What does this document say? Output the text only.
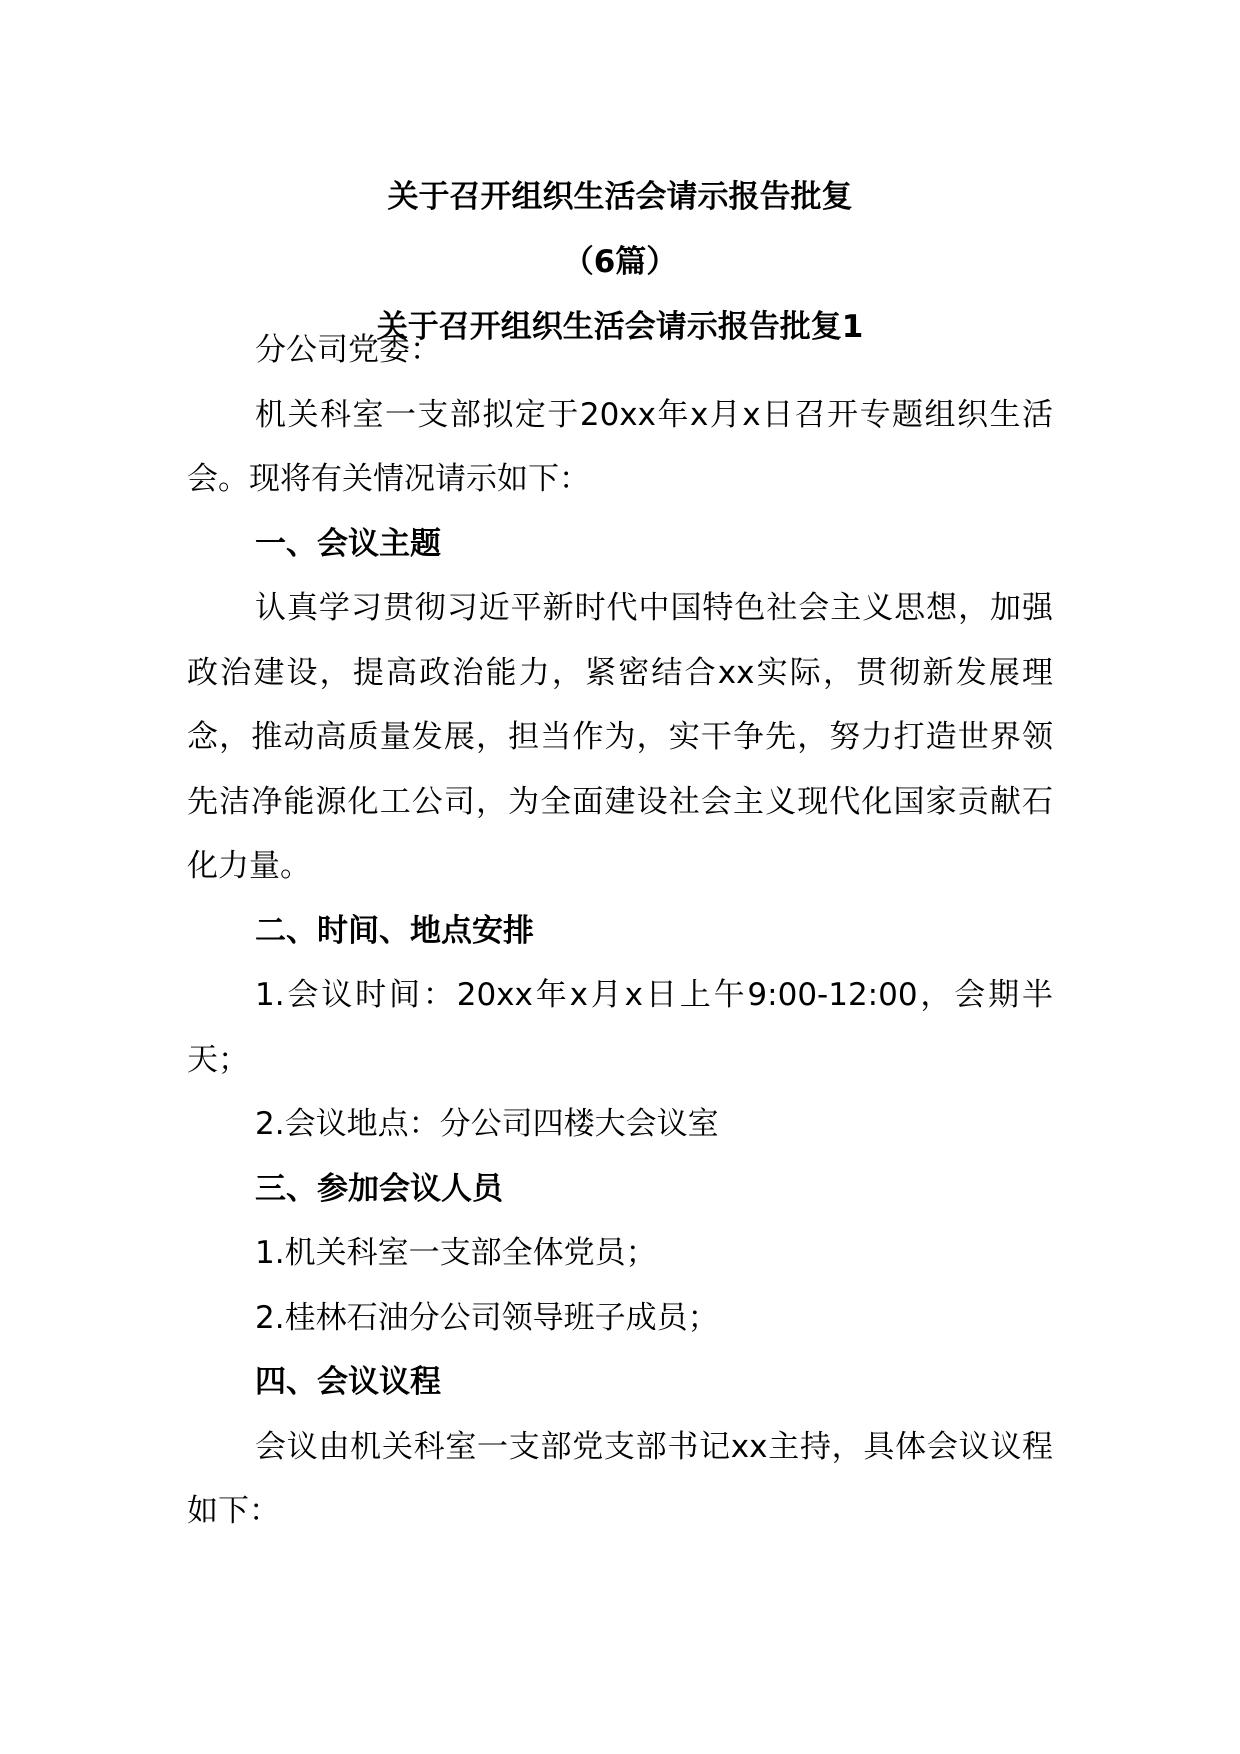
关于召开组织生活会请示报告批复
（6篇）
关于召开组织生活会请示报告批复1

分公司党委：

机关科室一支部拟定于20xx年x月x日召开专题组织生活会。现将有关情况请示如下：

一、会议主题

认真学习贯彻习近平新时代中国特色社会主义思想，加强政治建设，提高政治能力，紧密结合xx实际，贯彻新发展理念，推动高质量发展，担当作为，实干争先，努力打造世界领先洁净能源化工公司，为全面建设社会主义现代化国家贡献石化力量。

二、时间、地点安排

1.会议时间：20xx年x月x日上午9:00-12:00，会期半天；

2.会议地点：分公司四楼大会议室

三、参加会议人员

1.机关科室一支部全体党员；

2.桂林石油分公司领导班子成员；

四、会议议程

会议由机关科室一支部党支部书记xx主持，具体会议议程如下：
